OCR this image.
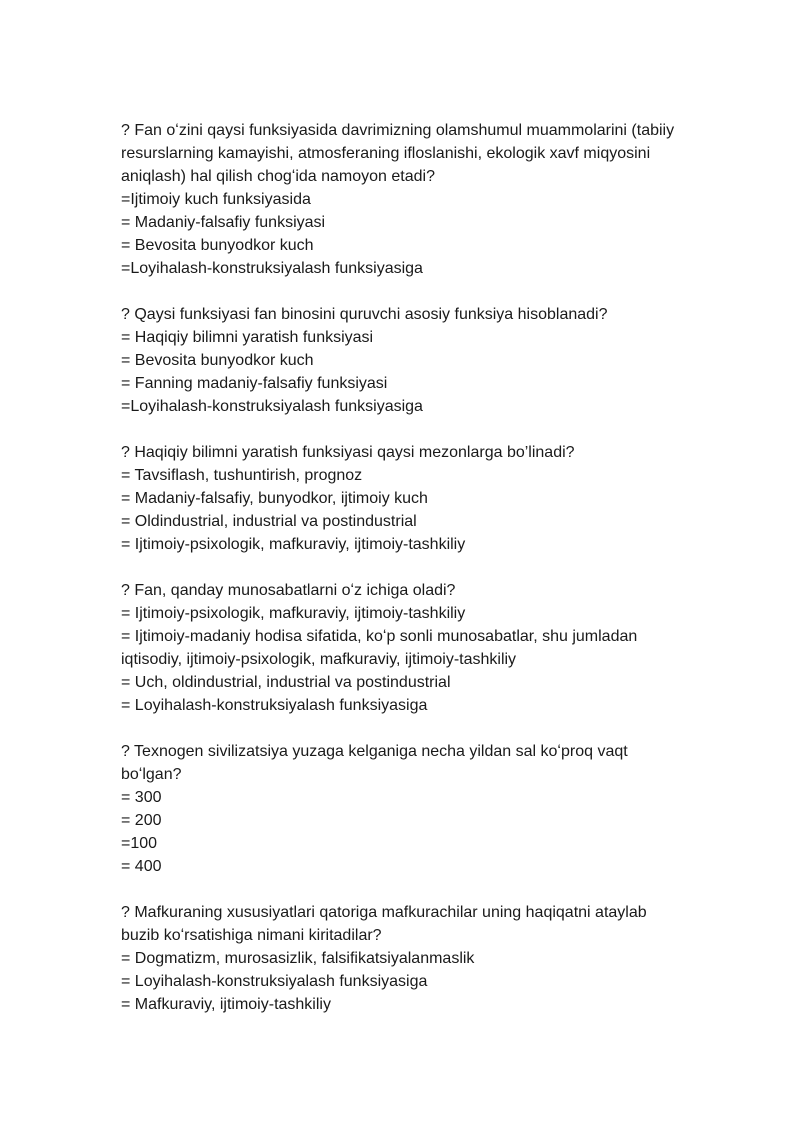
? Fan oʻzini qaysi funksiyasida davrimizning olamshumul muammolarini (tabiiy resurslarning kamayishi, atmosferaning ifloslanishi, ekologik xavf miqyosini aniqlash) hal qilish chogʻida namoyon etadi?

=Ijtimoiy kuch funksiyasida

= Madaniy-falsafiy funksiyasi

= Bevosita bunyodkor kuch

=Loyihalash-konstruksiyalash funksiyasiga

? Qaysi funksiyasi fan binosini quruvchi asosiy funksiya hisoblanadi?

= Haqiqiy bilimni yaratish funksiyasi

= Bevosita bunyodkor kuch

= Fanning madaniy-falsafiy funksiyasi

=Loyihalash-konstruksiyalash funksiyasiga

? Haqiqiy bilimni yaratish funksiyasi qaysi mezonlarga bo’linadi?

= Tavsiflash, tushuntirish, prognoz

= Madaniy-falsafiy, bunyodkor, ijtimoiy kuch

= Oldindustrial, industrial va postindustrial

= Ijtimoiy-psixologik, mafkuraviy, ijtimoiy-tashkiliy

? Fan, qanday munosabatlarni oʻz ichiga oladi?

= Ijtimoiy-psixologik, mafkuraviy, ijtimoiy-tashkiliy

= Ijtimoiy-madaniy hodisa sifatida, koʻp sonli munosabatlar, shu jumladan iqtisodiy, ijtimoiy-psixologik, mafkuraviy, ijtimoiy-tashkiliy

= Uch, oldindustrial, industrial va postindustrial

= Loyihalash-konstruksiyalash funksiyasiga

? Texnogen sivilizatsiya yuzaga kelganiga necha yildan sal koʻproq vaqt boʻlgan?

= 300

= 200

=100

= 400

? Mafkuraning xususiyatlari qatoriga mafkurachilar uning haqiqatni ataylab buzib koʻrsatishiga nimani kiritadilar?

= Dogmatizm, murosasizlik, falsifikatsiyalanmaslik

= Loyihalash-konstruksiyalash funksiyasiga

= Mafkuraviy, ijtimoiy-tashkiliy
